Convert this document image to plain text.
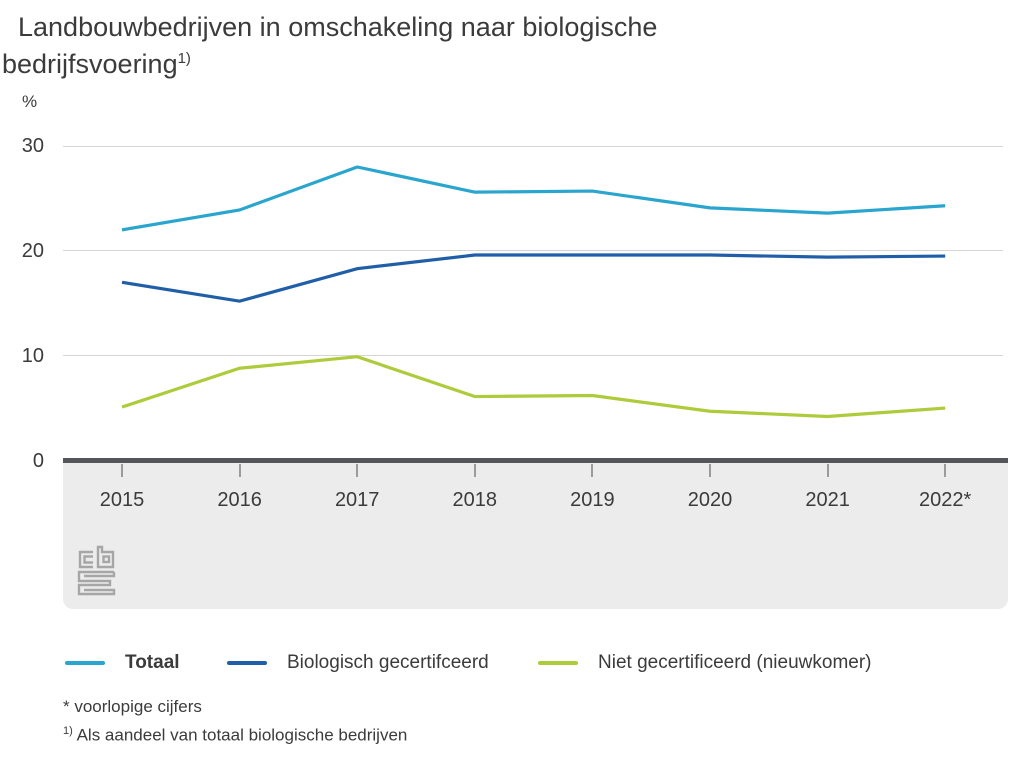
Landbouwbedrijven in omschakeling naar biologische
bedrijfsvoering$^{1)}$
%
0
10
20
30
2015	2016	2017	2018	2019	2020	2021	2022*
Totaal	Biologisch gecertifceerd	Niet gecertificeerd (nieuwkomer)
* voorlopige cijfers
$^{1)}$ Als aandeel van totaal biologische bedrijven
